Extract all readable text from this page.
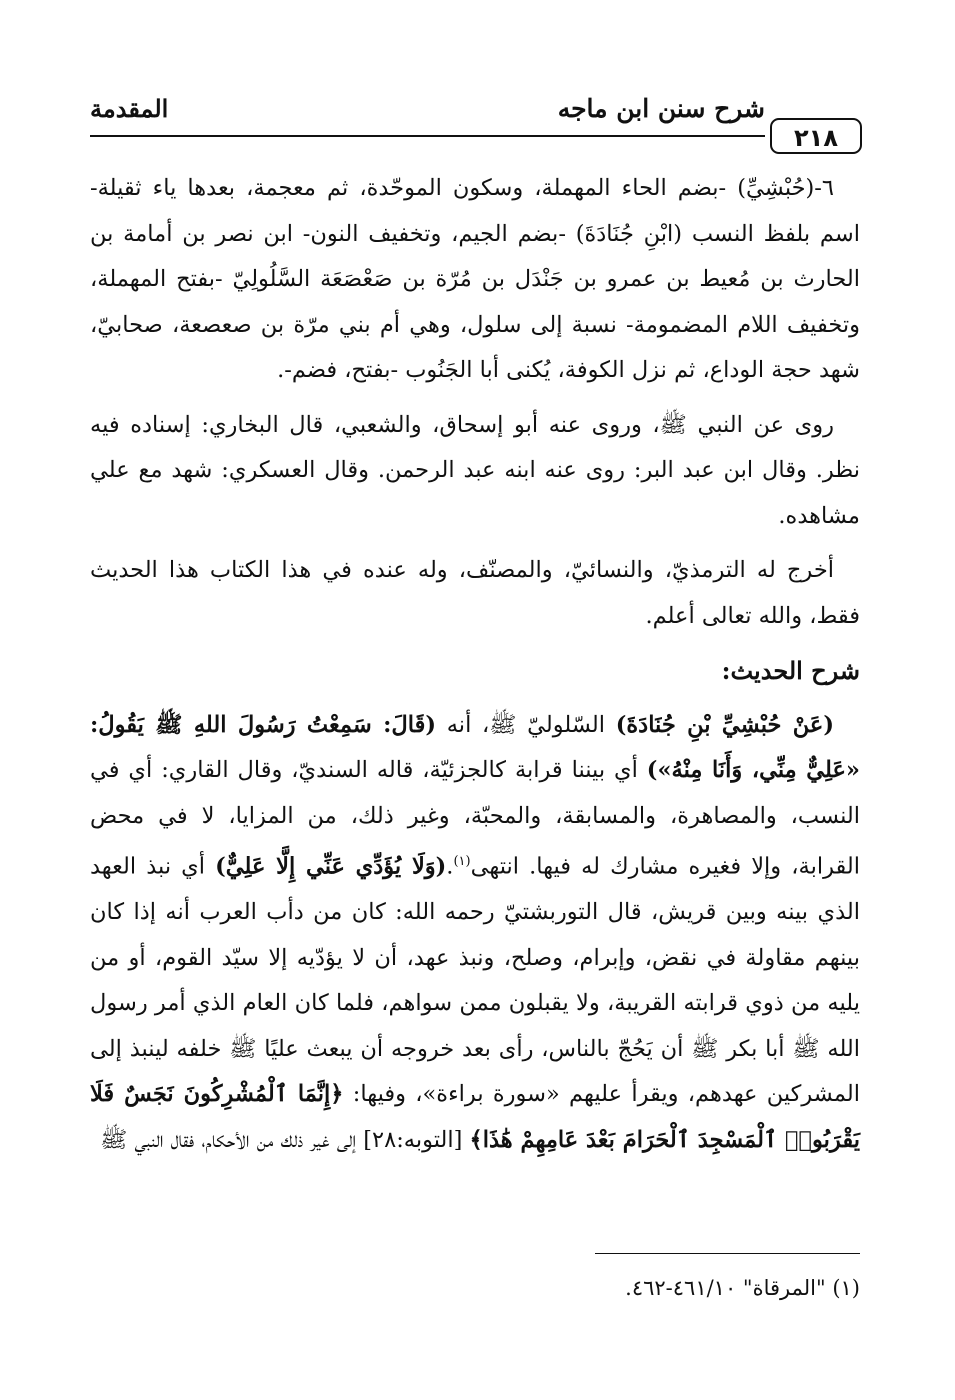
شرح سنن ابن ماجه
المقدمة
٢١٨

٦-(حُبْشِيِّ) -بضم الحاء المهملة، وسكون الموحّدة، ثم معجمة، بعدها ياء ثقيلة- اسم بلفظ النسب (ابْنِ جُنَادَةَ) -بضم الجيم، وتخفيف النون- ابن نصر بن أمامة بن الحارث بن مُعيط بن عمرو بن جَنْدَل بن مُرّة بن صَعْصَعَة السَّلُولِيّ -بفتح المهملة، وتخفيف اللام المضمومة- نسبة إلى سلول، وهي أم بني مرّة بن صعصعة، صحابيّ، شهد حجة الوداع، ثم نزل الكوفة، يُكنى أبا الجَنُوب -بفتح، فضم-.

روى عن النبي ﷺ، وروى عنه أبو إسحاق، والشعبي، قال البخاري: إسناده فيه نظر. وقال ابن عبد البر: روى عنه ابنه عبد الرحمن. وقال العسكري: شهد مع علي مشاهده.

أخرج له الترمذيّ، والنسائيّ، والمصنّف، وله عنده في هذا الكتاب هذا الحديث فقط، والله تعالى أعلم.

شرح الحديث:

(عَنْ حُبْشِيِّ بْنِ جُنَادَةَ) السّلوليّ ﷺ، أنه (قَالَ: سَمِعْتُ رَسُولَ اللهِ ﷺ يَقُولُ: «عَلِيٌّ مِنِّي، وَأَنَا مِنْهُ») أي بيننا قرابة كالجزئيّة، قاله السنديّ، وقال القاري: أي في النسب، والمصاهرة، والمسابقة، والمحبّة، وغير ذلك، من المزايا، لا في محض القرابة، وإلا فغيره مشارك له فيها. انتهى$^{(١)}$.(وَلَا يُؤَدِّي عَنِّي إِلَّا عَلِيٌّ) أي نبذ العهد الذي بينه وبين قريش، قال التوربشتيّ رحمه الله: كان من دأب العرب أنه إذا كان بينهم مقاولة في نقض، وإبرام، وصلح، ونبذ عهد، أن لا يؤدّيه إلا سيّد القوم، أو من يليه من ذوي قرابته القريبة، ولا يقبلون ممن سواهم، فلما كان العام الذي أمر رسول الله ﷺ أبا بكر ﷺ أن يَحُجّ بالناس، رأى بعد خروجه أن يبعث عليًا ﷺ خلفه لينبذ إلى المشركين عهدهم، ويقرأ عليهم «سورة براءة»، وفيها: ﴿إِنَّمَا ٱلْمُشْرِكُونَ نَجَسٌ فَلَا يَقْرَبُوا۟ ٱلْمَسْجِدَ ٱلْحَرَامَ بَعْدَ عَامِهِمْ هَٰذَا﴾ [التوبه:٢٨] إلى غير ذلك من الأحكام، فقال النبي ﷺ

(١) "المرقاة" ٤٦١/١٠-٤٦٢.
